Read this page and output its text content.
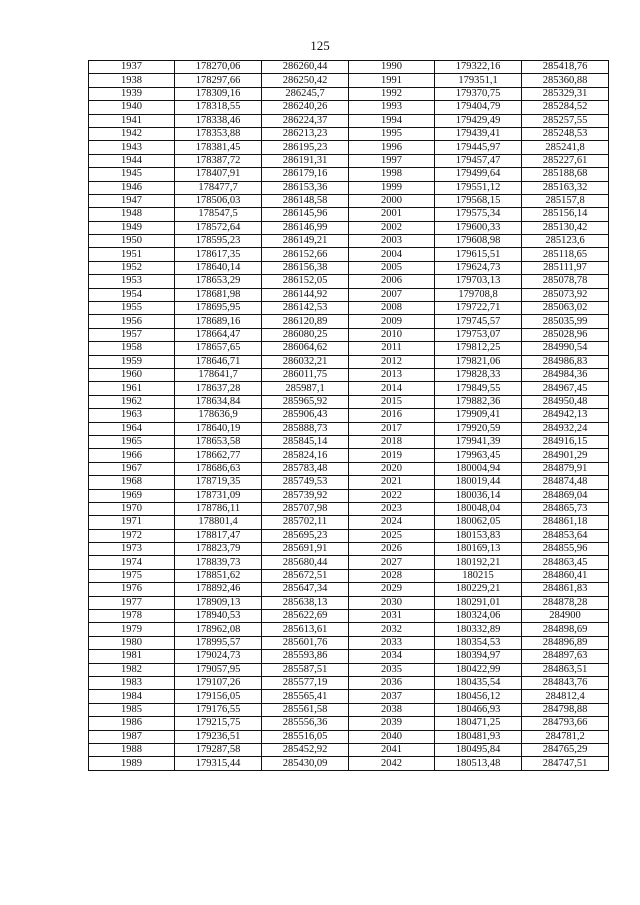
125
1937	178270,06	286260,44	1990	179322,16	285418,76
1938	178297,66	286250,42	1991	179351,1	285360,88
1939	178309,16	286245,7	1992	179370,75	285329,31
1940	178318,55	286240,26	1993	179404,79	285284,52
1941	178338,46	286224,37	1994	179429,49	285257,55
1942	178353,88	286213,23	1995	179439,41	285248,53
1943	178381,45	286195,23	1996	179445,97	285241,8
1944	178387,72	286191,31	1997	179457,47	285227,61
1945	178407,91	286179,16	1998	179499,64	285188,68
1946	178477,7	286153,36	1999	179551,12	285163,32
1947	178506,03	286148,58	2000	179568,15	285157,8
1948	178547,5	286145,96	2001	179575,34	285156,14
1949	178572,64	286146,99	2002	179600,33	285130,42
1950	178595,23	286149,21	2003	179608,98	285123,6
1951	178617,35	286152,66	2004	179615,51	285118,65
1952	178640,14	286156,38	2005	179624,73	285111,97
1953	178653,29	286152,05	2006	179703,13	285078,78
1954	178681,98	286144,92	2007	179708,8	285073,92
1955	178695,95	286142,53	2008	179722,71	285063,02
1956	178689,16	286120,89	2009	179745,57	285035,99
1957	178664,47	286080,25	2010	179753,07	285028,96
1958	178657,65	286064,62	2011	179812,25	284990,54
1959	178646,71	286032,21	2012	179821,06	284986,83
1960	178641,7	286011,75	2013	179828,33	284984,36
1961	178637,28	285987,1	2014	179849,55	284967,45
1962	178634,84	285965,92	2015	179882,36	284950,48
1963	178636,9	285906,43	2016	179909,41	284942,13
1964	178640,19	285888,73	2017	179920,59	284932,24
1965	178653,58	285845,14	2018	179941,39	284916,15
1966	178662,77	285824,16	2019	179963,45	284901,29
1967	178686,63	285783,48	2020	180004,94	284879,91
1968	178719,35	285749,53	2021	180019,44	284874,48
1969	178731,09	285739,92	2022	180036,14	284869,04
1970	178786,11	285707,98	2023	180048,04	284865,73
1971	178801,4	285702,11	2024	180062,05	284861,18
1972	178817,47	285695,23	2025	180153,83	284853,64
1973	178823,79	285691,91	2026	180169,13	284855,96
1974	178839,73	285680,44	2027	180192,21	284863,45
1975	178851,62	285672,51	2028	180215	284860,41
1976	178892,46	285647,34	2029	180229,21	284861,83
1977	178909,13	285638,13	2030	180291,01	284878,28
1978	178940,53	285622,69	2031	180324,06	284900
1979	178962,08	285613,61	2032	180332,89	284898,69
1980	178995,57	285601,76	2033	180354,53	284896,89
1981	179024,73	285593,86	2034	180394,97	284897,63
1982	179057,95	285587,51	2035	180422,99	284863,51
1983	179107,26	285577,19	2036	180435,54	284843,76
1984	179156,05	285565,41	2037	180456,12	284812,4
1985	179176,55	285561,58	2038	180466,93	284798,88
1986	179215,75	285556,36	2039	180471,25	284793,66
1987	179236,51	285516,05	2040	180481,93	284781,2
1988	179287,58	285452,92	2041	180495,84	284765,29
1989	179315,44	285430,09	2042	180513,48	284747,51
